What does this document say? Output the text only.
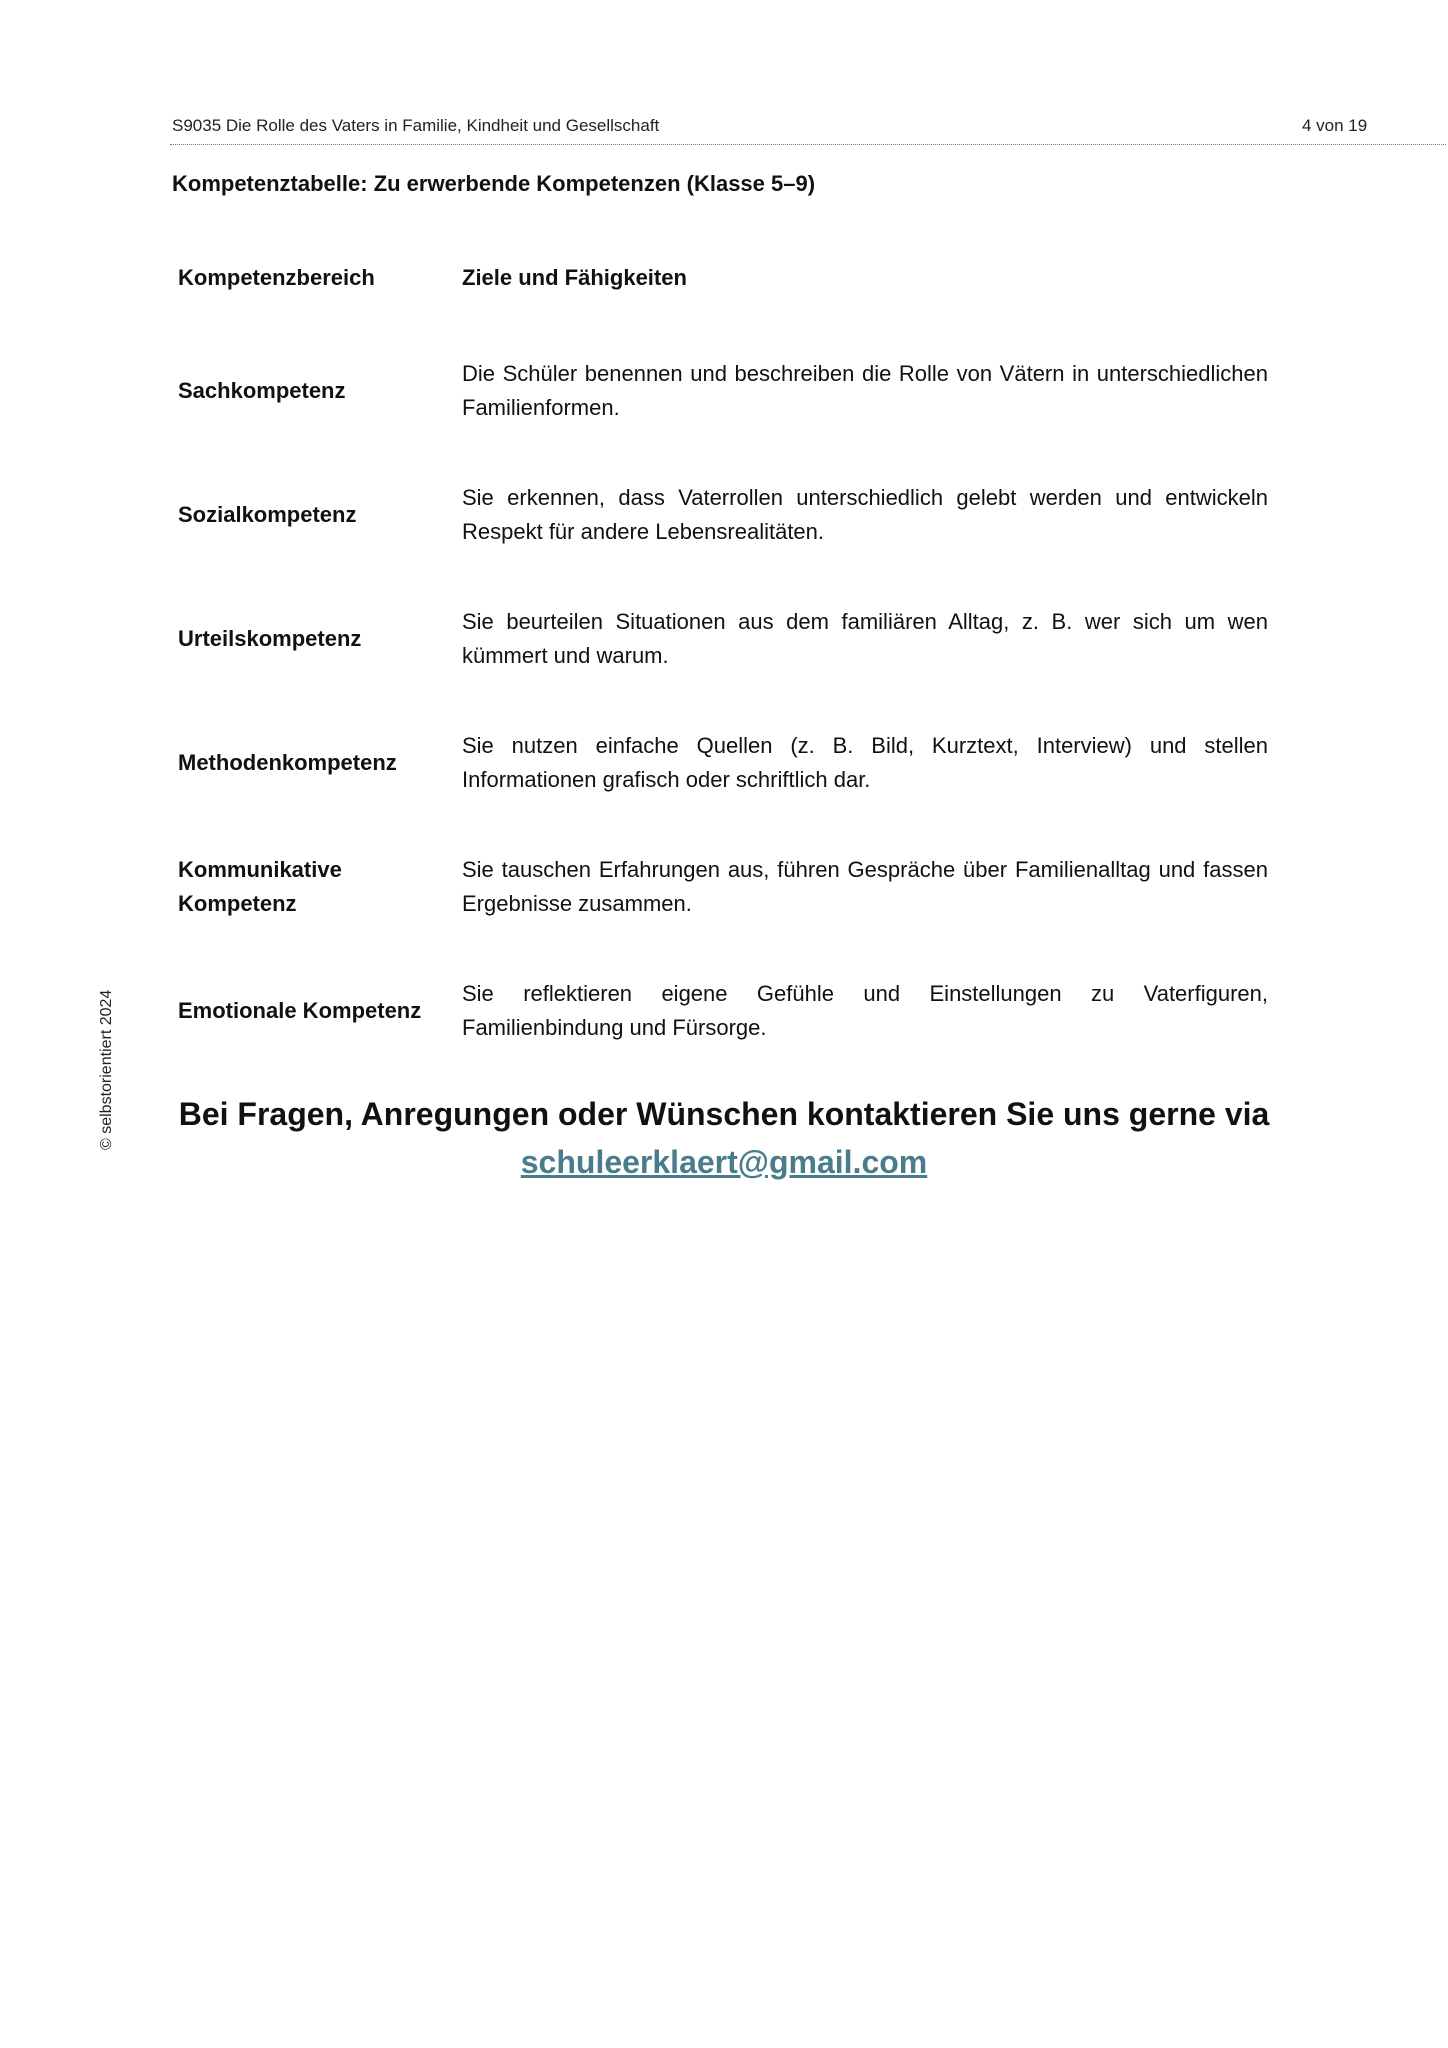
S9035 Die Rolle des Vaters in Familie, Kindheit und Gesellschaft	4 von 19
© selbstorientiert 2024
Kompetenztabelle: Zu erwerbende Kompetenzen (Klasse 5–9)
Kompetenzbereich	Ziele und Fähigkeiten
Sachkompetenz
Die Schüler benennen und beschreiben die Rolle von Vätern in unterschiedlichen Familienformen.
Sozialkompetenz
Sie erkennen, dass Vaterrollen unterschiedlich gelebt werden und entwickeln Respekt für andere Lebensrealitäten.
Urteilskompetenz
Sie beurteilen Situationen aus dem familiären Alltag, z. B. wer sich um wen kümmert und warum.
Methodenkompetenz
Sie nutzen einfache Quellen (z. B. Bild, Kurztext, Interview) und stellen Informationen grafisch oder schriftlich dar.
Kommunikative Kompetenz
Sie tauschen Erfahrungen aus, führen Gespräche über Familienalltag und fassen Ergebnisse zusammen.
Emotionale Kompetenz
Sie reflektieren eigene Gefühle und Einstellungen zu Vaterfiguren, Familienbindung und Fürsorge.
Bei Fragen, Anregungen oder Wünschen kontaktieren Sie uns gerne via
schuleerklaert@gmail.com
